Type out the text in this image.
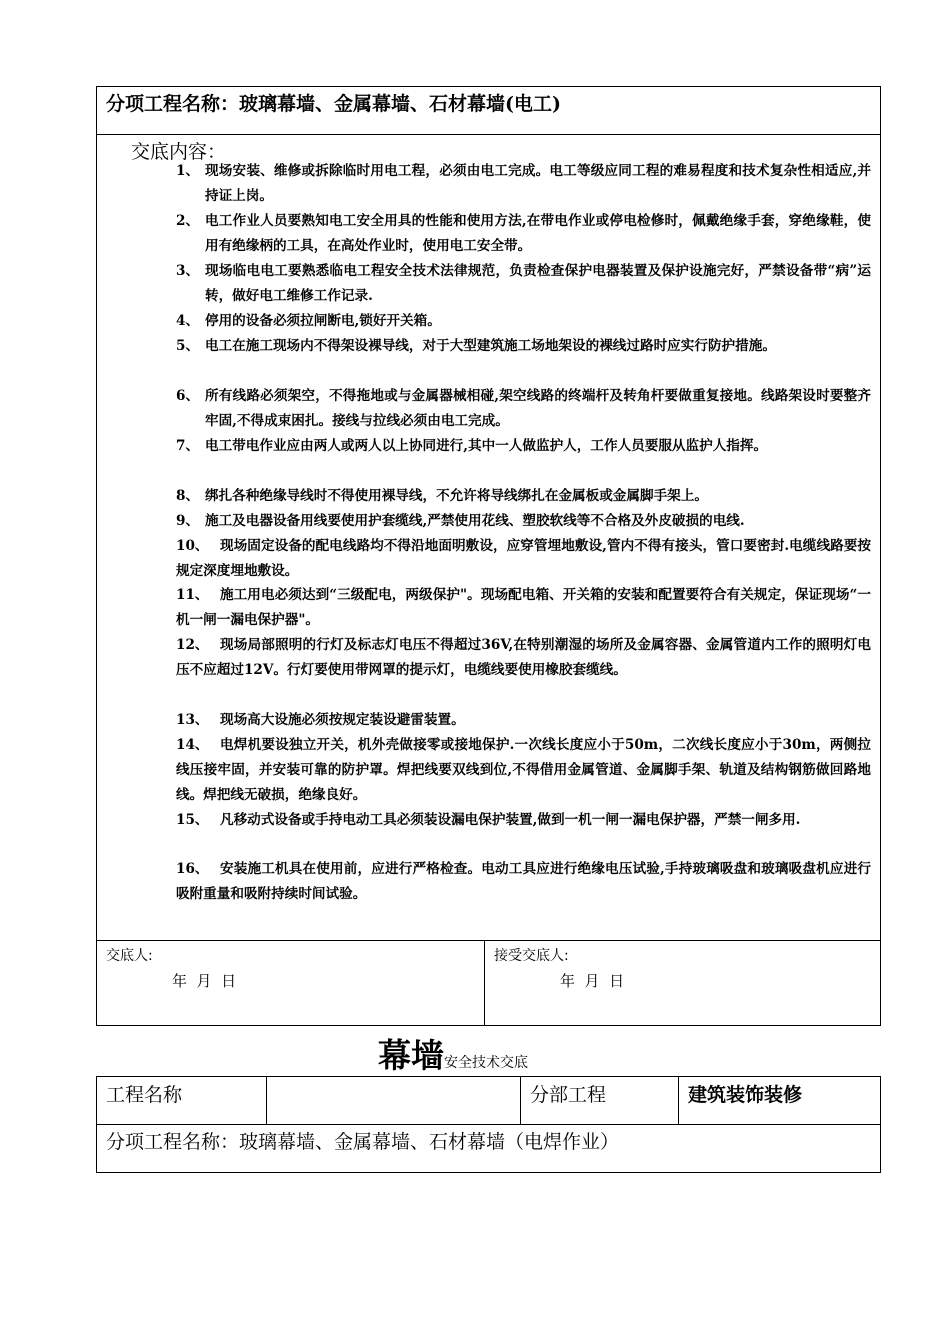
分项工程名称：玻璃幕墙、金属幕墙、石材幕墙(电工)
交底内容：
1、 现场安装、维修或拆除临时用电工程，必须由电工完成。电工等级应同工程的难易程度和技术复杂性相适应,并持证上岗。
2、 电工作业人员要熟知电工安全用具的性能和使用方法,在带电作业或停电检修时，佩戴绝缘手套，穿绝缘鞋，使用有绝缘柄的工具，在高处作业时，使用电工安全带。
3、 现场临电电工要熟悉临电工程安全技术法律规范，负责检查保护电器装置及保护设施完好，严禁设备带“病”运转，做好电工维修工作记录.
4、 停用的设备必须拉闸断电,锁好开关箱。
5、 电工在施工现场内不得架设裸导线，对于大型建筑施工场地架设的裸线过路时应实行防护措施。
6、 所有线路必须架空，不得拖地或与金属器械相碰,架空线路的终端杆及转角杆要做重复接地。线路架设时要整齐牢固,不得成束困扎。接线与拉线必须由电工完成。
7、 电工带电作业应由两人或两人以上协同进行,其中一人做监护人，工作人员要服从监护人指挥。
8、 绑扎各种绝缘导线时不得使用裸导线，不允许将导线绑扎在金属板或金属脚手架上。
9、 施工及电器设备用线要使用护套缆线,严禁使用花线、塑胶软线等不合格及外皮破损的电线.
10、 现场固定设备的配电线路均不得沿地面明敷设，应穿管埋地敷设,管内不得有接头，管口要密封.电缆线路要按规定深度埋地敷设。
11、 施工用电必须达到“三级配电，两级保护"。现场配电箱、开关箱的安装和配置要符合有关规定，保证现场“一机一闸一漏电保护器"。
12、 现场局部照明的行灯及标志灯电压不得超过36V,在特别潮湿的场所及金属容器、金属管道内工作的照明灯电压不应超过12V。行灯要使用带网罩的提示灯，电缆线要使用橡胶套缆线。
13、 现场高大设施必须按规定装设避雷装置。
14、 电焊机要设独立开关，机外壳做接零或接地保护.一次线长度应小于50m，二次线长度应小于30m，两侧拉线压接牢固，并安装可靠的防护罩。焊把线要双线到位,不得借用金属管道、金属脚手架、轨道及结构钢筋做回路地线。焊把线无破损，绝缘良好。
15、 凡移动式设备或手持电动工具必须装设漏电保护装置,做到一机一闸一漏电保护器，严禁一闸多用.
16、 安装施工机具在使用前，应进行严格检查。电动工具应进行绝缘电压试验,手持玻璃吸盘和玻璃吸盘机应进行吸附重量和吸附持续时间试验。
交底人:
年  月  日
接受交底人:
年  月  日
幕墙安全技术交底
工程名称	分部工程	建筑装饰装修
分项工程名称：玻璃幕墙、金属幕墙、石材幕墙（电焊作业）
